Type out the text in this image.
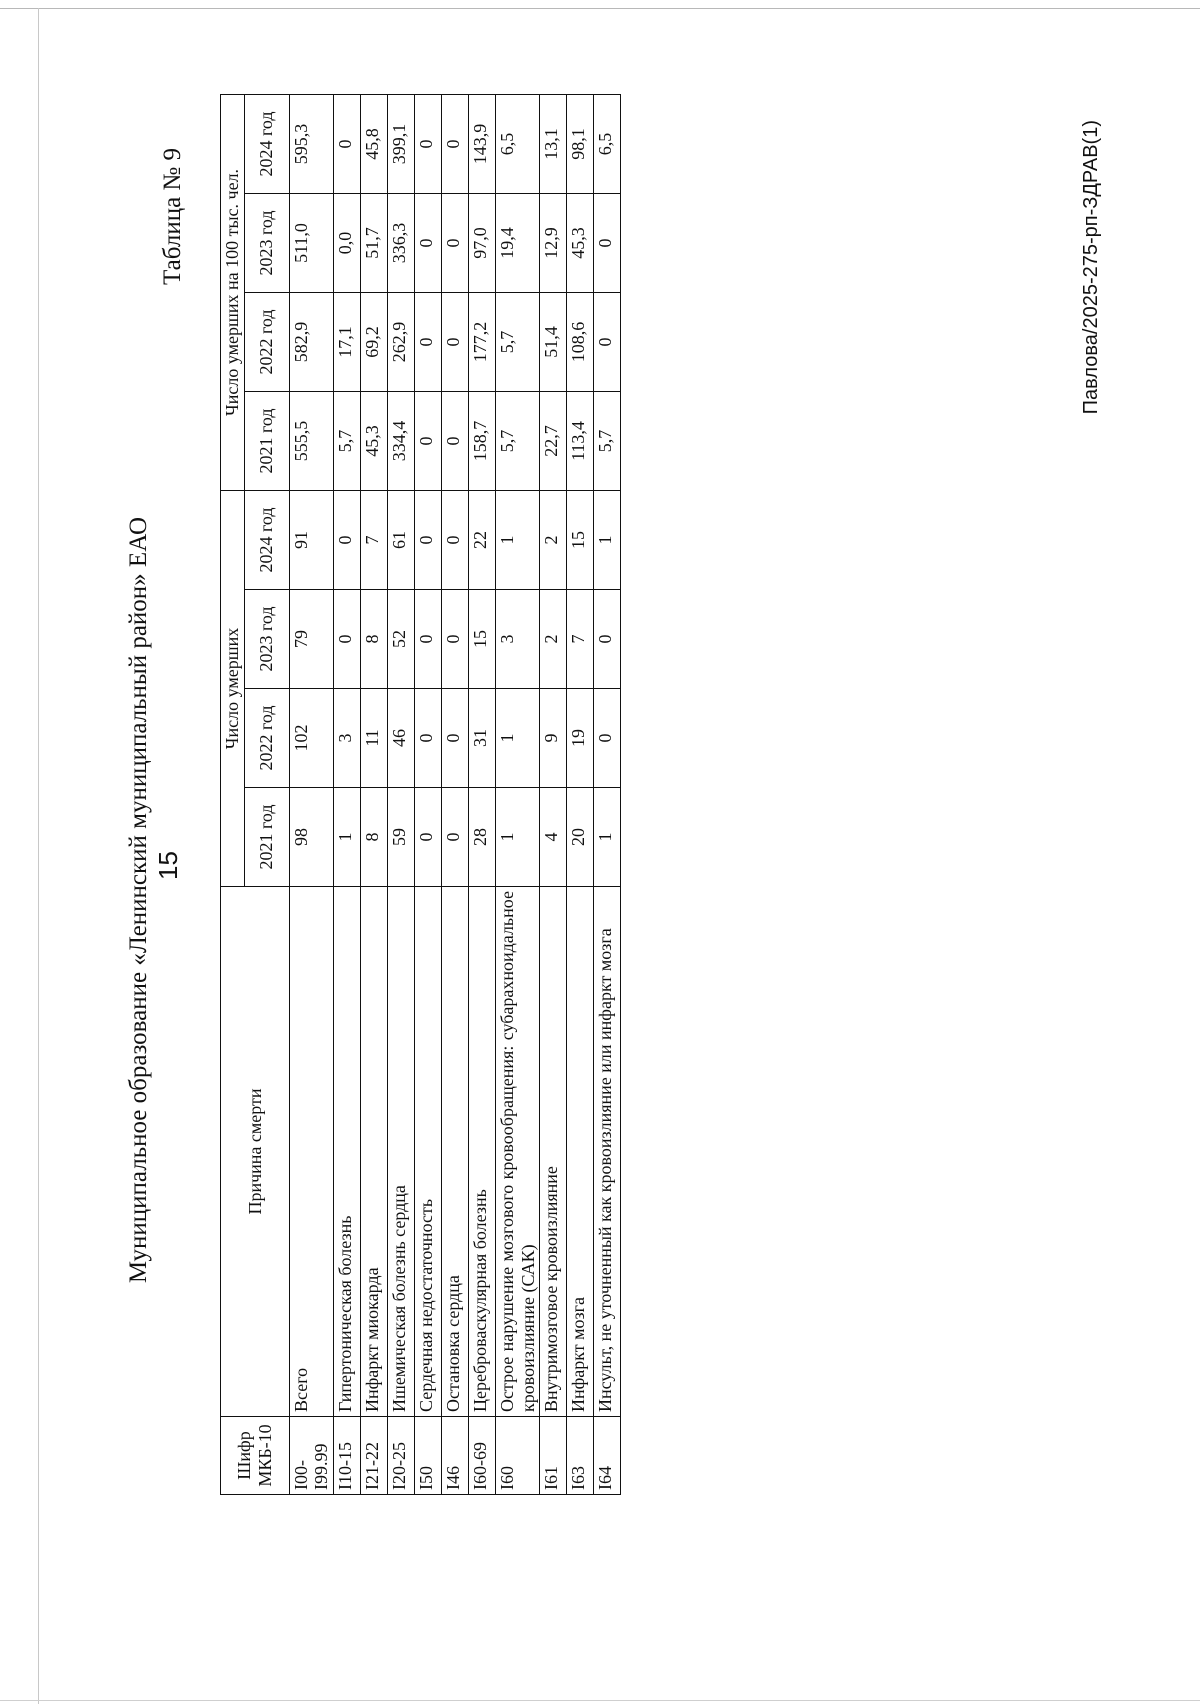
Муниципальное образование «Ленинский муниципальный район» ЕАО 15
Таблица № 9
Шифр МКБ-10	Причина смерти	Число умерших				Число умерших на 100 тыс. чел.			
		2021 год	2022 год	2023 год	2024 год	2021 год	2022 год	2023 год	2024 год
I00-I99.99	Всего	98	102	79	91	555,5	582,9	511,0	595,3
I10-15	Гипертоническая болезнь	1	3	0	0	5,7	17,1	0,0	0
I21-22	Инфаркт миокарда	8	11	8	7	45,3	69,2	51,7	45,8
I20-25	Ишемическая болезнь сердца	59	46	52	61	334,4	262,9	336,3	399,1
I50	Сердечная недостаточность	0	0	0	0	0	0	0	0
I46	Остановка сердца	0	0	0	0	0	0	0	0
I60-69	Цереброваскулярная болезнь	28	31	15	22	158,7	177,2	97,0	143,9
I60	Острое нарушение мозгового кровообращения: субарахноидальное кровоизлияние (САК)	1	1	3	1	5,7	5,7	19,4	6,5
I61	Внутримозговое кровоизлияние	4	9	2	2	22,7	51,4	12,9	13,1
I63	Инфаркт мозга	20	19	7	15	113,4	108,6	45,3	98,1
I64	Инсульт, не уточненный как кровоизлияние или инфаркт мозга	1	0	0	1	5,7	0	0	6,5	Павлова/2025-275-рп-ЗДРАВ(1)
